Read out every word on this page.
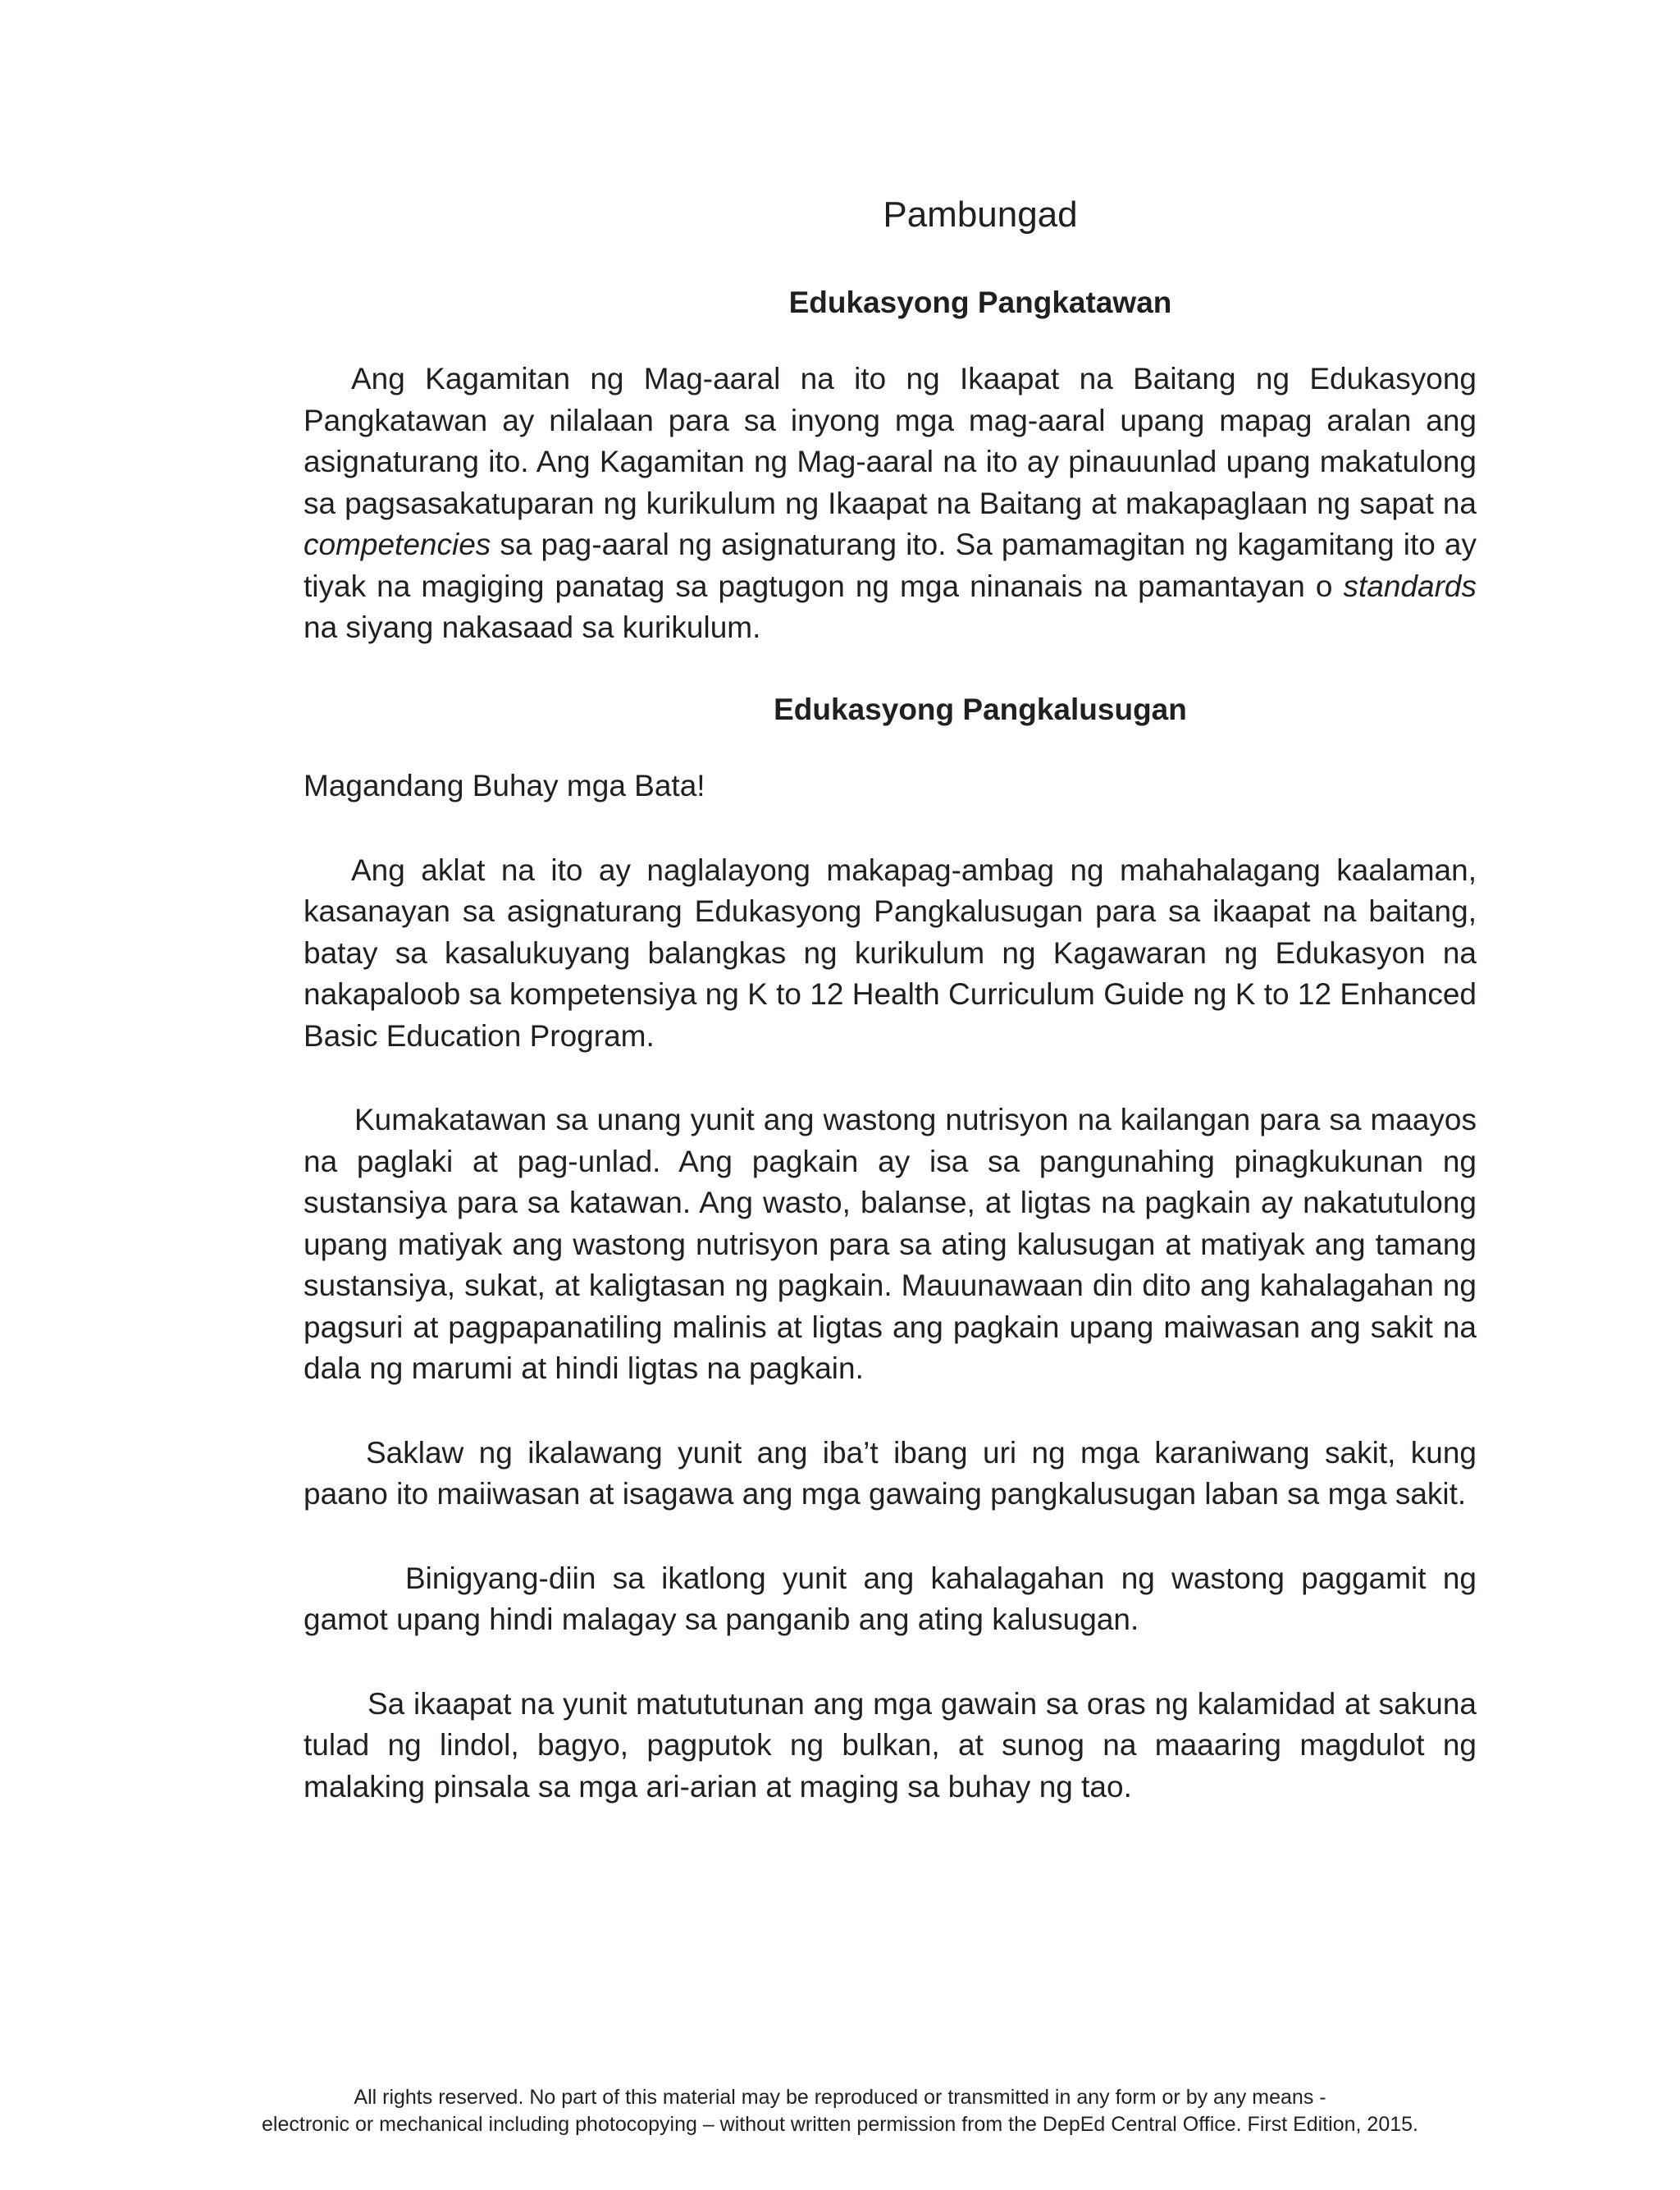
Pambungad
Edukasyong Pangkatawan

Ang Kagamitan ng Mag-aaral na ito ng Ikaapat na Baitang ng Edukasyong Pangkatawan ay nilalaan para sa inyong mga mag-aaral upang mapag aralan ang asignaturang ito. Ang Kagamitan ng Mag-aaral na ito ay pinauunlad upang makatulong sa pagsasakatuparan ng kurikulum ng Ikaapat na Baitang at makapaglaan ng sapat na competencies sa pag-aaral ng asignaturang ito. Sa pamamagitan ng kagamitang ito ay tiyak na magiging panatag sa pagtugon ng mga ninanais na pamantayan o standards na siyang nakasaad sa kurikulum.

Edukasyong Pangkalusugan

Magandang Buhay mga Bata!

Ang aklat na ito ay naglalayong makapag-ambag ng mahahalagang kaalaman, kasanayan sa asignaturang Edukasyong Pangkalusugan para sa ikaapat na baitang, batay sa kasalukuyang balangkas ng kurikulum ng Kagawaran ng Edukasyon na nakapaloob sa kompetensiya ng K to 12 Health Curriculum Guide ng K to 12 Enhanced Basic Education Program.

Kumakatawan sa unang yunit ang wastong nutrisyon na kailangan para sa maayos na paglaki at pag-unlad. Ang pagkain ay isa sa pangunahing pinagkukunan ng sustansiya para sa katawan. Ang wasto, balanse, at ligtas na pagkain ay nakatutulong upang matiyak ang wastong nutrisyon para sa ating kalusugan at matiyak ang tamang sustansiya, sukat, at kaligtasan ng pagkain. Mauunawaan din dito ang kahalagahan ng pagsuri at pagpapanatiling malinis at ligtas ang pagkain upang maiwasan ang sakit na dala ng marumi at hindi ligtas na pagkain.

Saklaw ng ikalawang yunit ang iba’t ibang uri ng mga karaniwang sakit, kung paano ito maiiwasan at isagawa ang mga gawaing pangkalusugan laban sa mga sakit.

Binigyang-diin sa ikatlong yunit ang kahalagahan ng wastong paggamit ng gamot upang hindi malagay sa panganib ang ating kalusugan.

Sa ikaapat na yunit matututunan ang mga gawain sa oras ng kalamidad at sakuna tulad ng lindol, bagyo, pagputok ng bulkan, at sunog na maaaring magdulot ng malaking pinsala sa mga ari-arian at maging sa buhay ng tao.

All rights reserved. No part of this material may be reproduced or transmitted in any form or by any means -
electronic or mechanical including photocopying – without written permission from the DepEd Central Office. First Edition, 2015.
